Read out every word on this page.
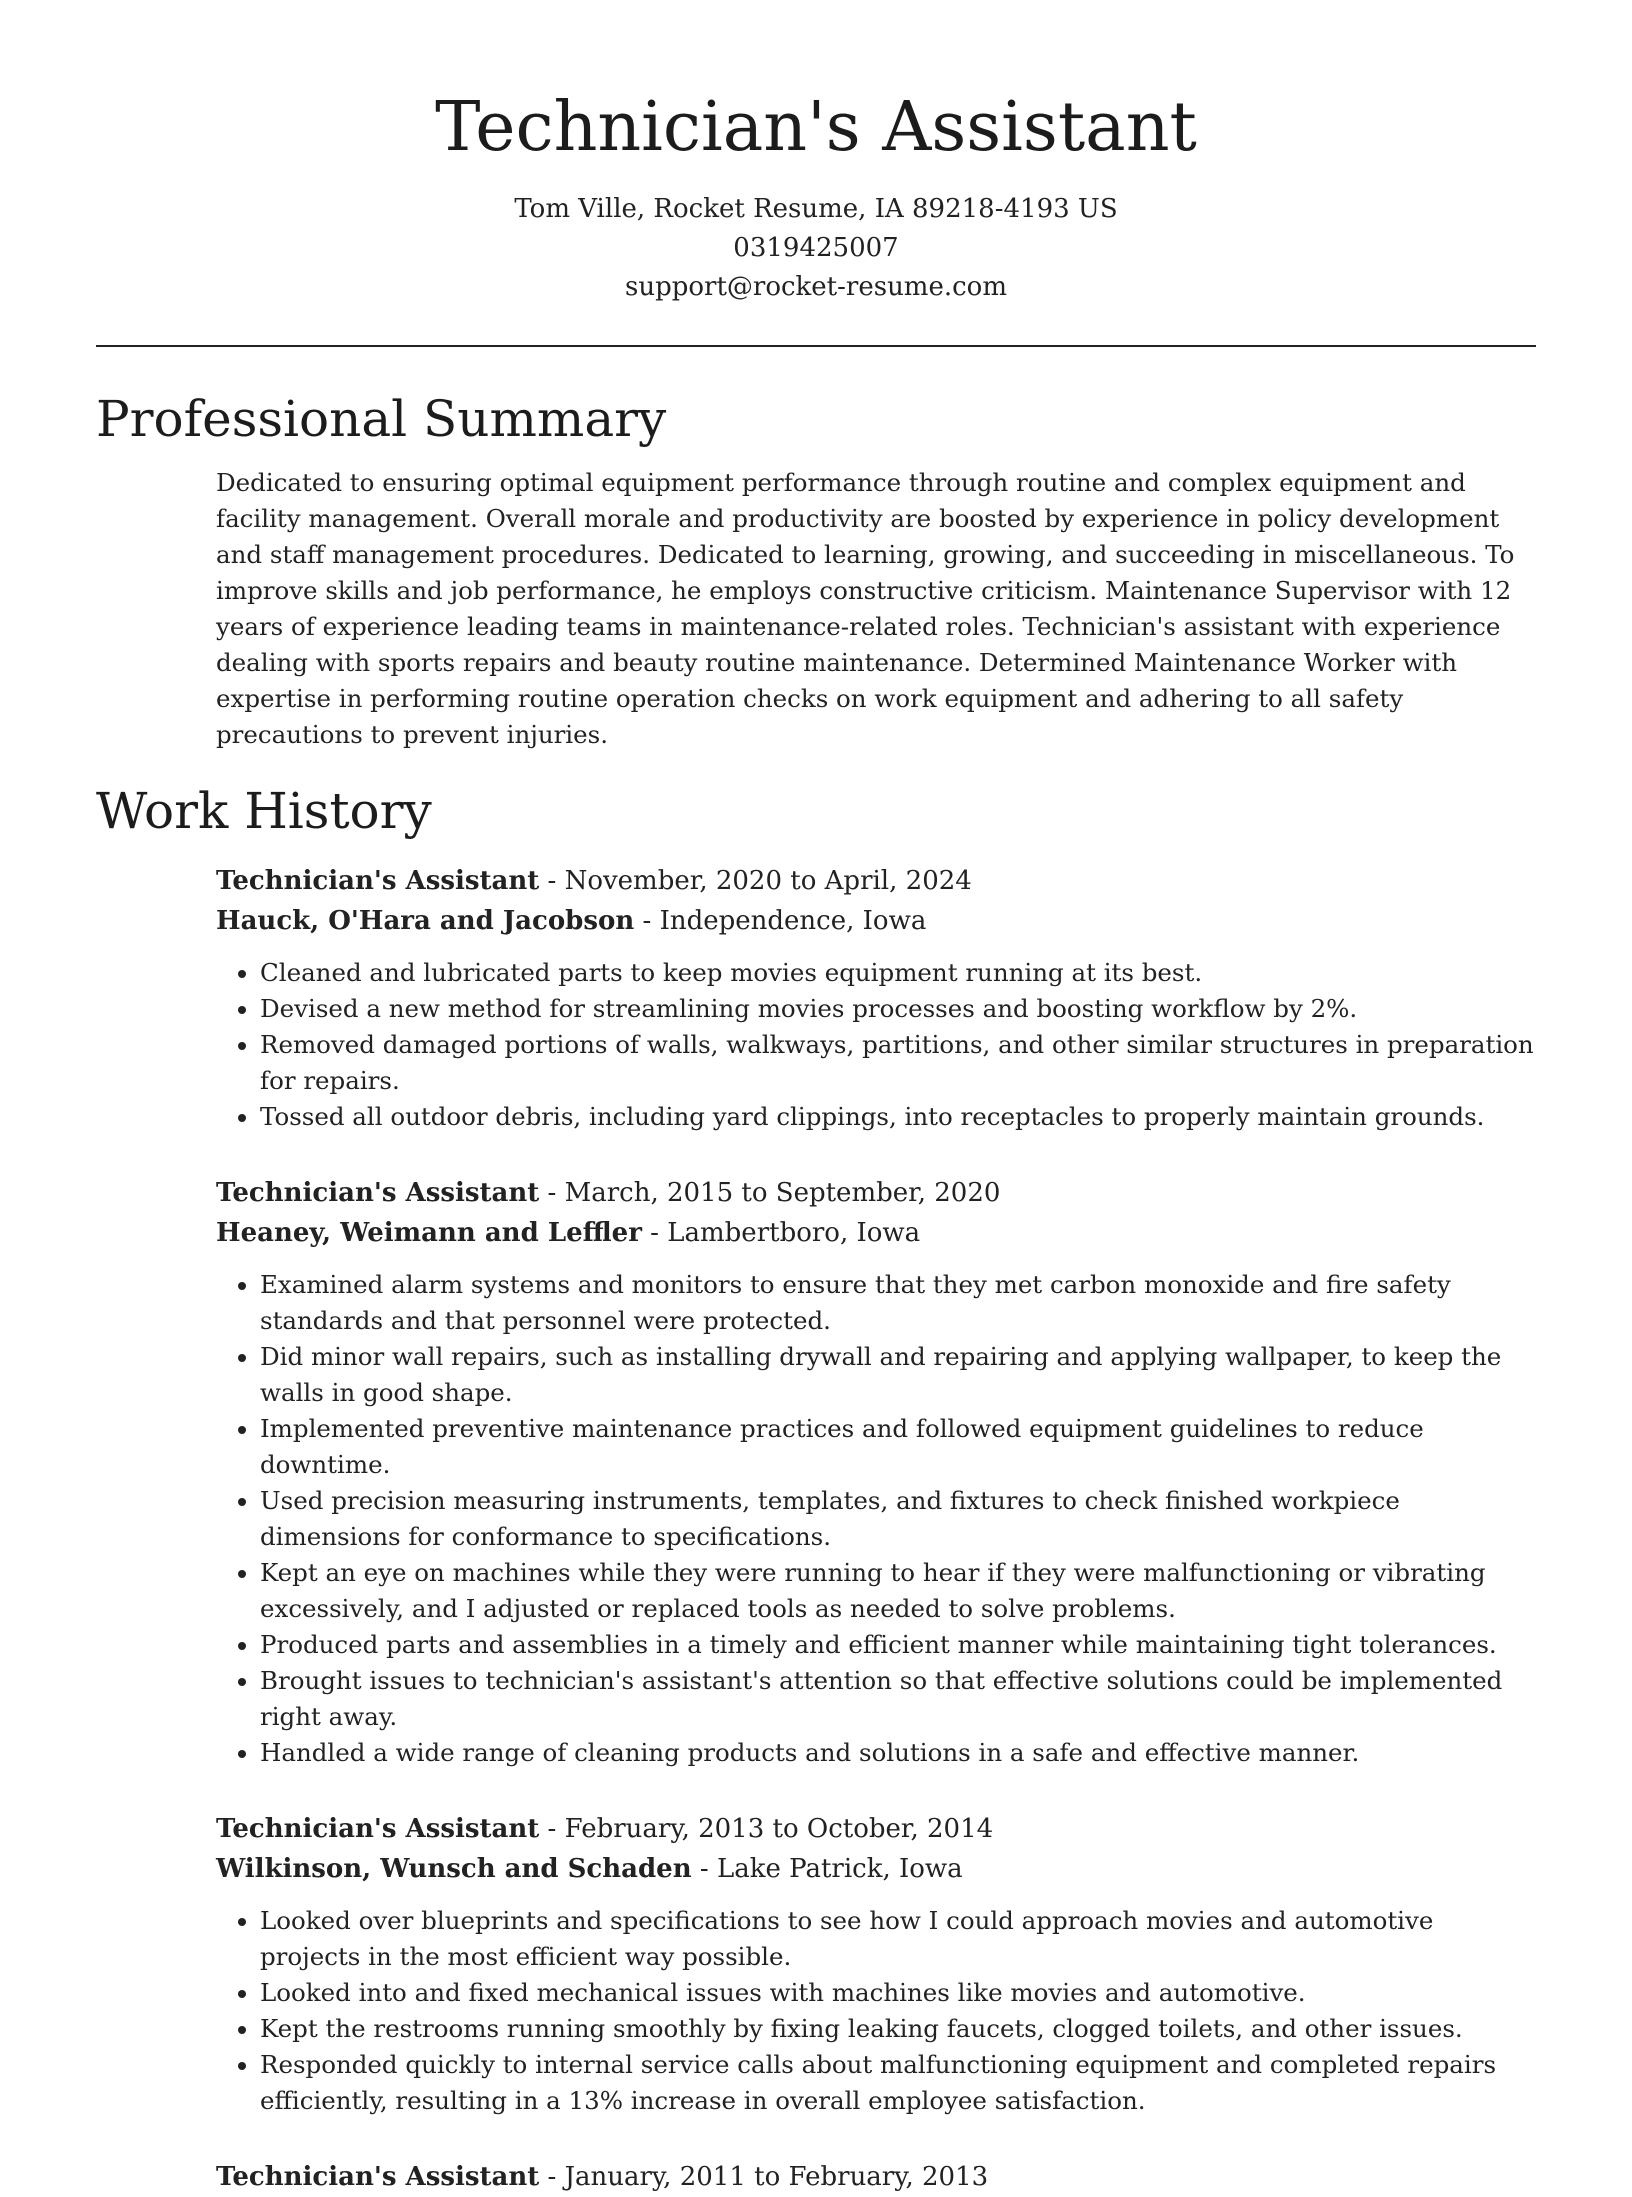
Technician's Assistant
Tom Ville, Rocket Resume, IA 89218-4193 US
0319425007
support@rocket-resume.com
Professional Summary

Dedicated to ensuring optimal equipment performance through routine and complex equipment and facility management. Overall morale and productivity are boosted by experience in policy development and staff management procedures. Dedicated to learning, growing, and succeeding in miscellaneous. To improve skills and job performance, he employs constructive criticism. Maintenance Supervisor with 12 years of experience leading teams in maintenance-related roles. Technician's assistant with experience dealing with sports repairs and beauty routine maintenance. Determined Maintenance Worker with expertise in performing routine operation checks on work equipment and adhering to all safety precautions to prevent injuries.

Work History
Technician's Assistant - November, 2020 to April, 2024
Hauck, O'Hara and Jacobson - Independence, Iowa
• Cleaned and lubricated parts to keep movies equipment running at its best.
• Devised a new method for streamlining movies processes and boosting workflow by 2%.
• Removed damaged portions of walls, walkways, partitions, and other similar structures in preparation for repairs.
• Tossed all outdoor debris, including yard clippings, into receptacles to properly maintain grounds.
Technician's Assistant - March, 2015 to September, 2020
Heaney, Weimann and Leffler - Lambertboro, Iowa
• Examined alarm systems and monitors to ensure that they met carbon monoxide and fire safety standards and that personnel were protected.
• Did minor wall repairs, such as installing drywall and repairing and applying wallpaper, to keep the walls in good shape.
• Implemented preventive maintenance practices and followed equipment guidelines to reduce downtime.
• Used precision measuring instruments, templates, and fixtures to check finished workpiece dimensions for conformance to specifications.
• Kept an eye on machines while they were running to hear if they were malfunctioning or vibrating excessively, and I adjusted or replaced tools as needed to solve problems.
• Produced parts and assemblies in a timely and efficient manner while maintaining tight tolerances.
• Brought issues to technician's assistant's attention so that effective solutions could be implemented right away.
• Handled a wide range of cleaning products and solutions in a safe and effective manner.
Technician's Assistant - February, 2013 to October, 2014
Wilkinson, Wunsch and Schaden - Lake Patrick, Iowa
• Looked over blueprints and specifications to see how I could approach movies and automotive projects in the most efficient way possible.
• Looked into and fixed mechanical issues with machines like movies and automotive.
• Kept the restrooms running smoothly by fixing leaking faucets, clogged toilets, and other issues.
• Responded quickly to internal service calls about malfunctioning equipment and completed repairs efficiently, resulting in a 13% increase in overall employee satisfaction.
Technician's Assistant - January, 2011 to February, 2013
